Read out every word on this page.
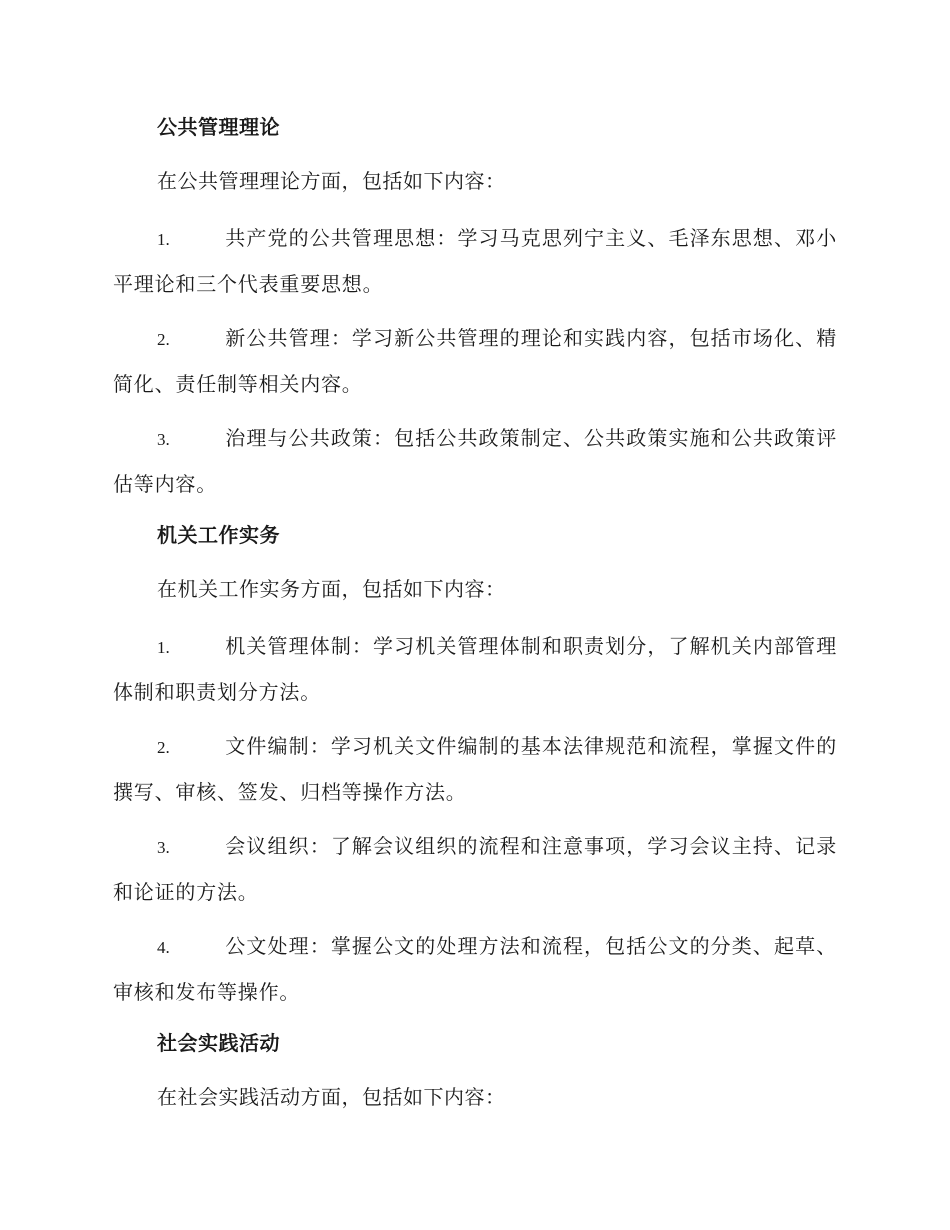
公共管理理论
在公共管理理论方面，包括如下内容：
1.	共产党的公共管理思想：学习马克思列宁主义、毛泽东思想、邓小平理论和三个代表重要思想。
2.	新公共管理：学习新公共管理的理论和实践内容，包括市场化、精简化、责任制等相关内容。
3.	治理与公共政策：包括公共政策制定、公共政策实施和公共政策评估等内容。
机关工作实务
在机关工作实务方面，包括如下内容：
1.	机关管理体制：学习机关管理体制和职责划分，了解机关内部管理体制和职责划分方法。
2.	文件编制：学习机关文件编制的基本法律规范和流程，掌握文件的撰写、审核、签发、归档等操作方法。
3.	会议组织：了解会议组织的流程和注意事项，学习会议主持、记录和论证的方法。
4.	公文处理：掌握公文的处理方法和流程，包括公文的分类、起草、审核和发布等操作。
社会实践活动
在社会实践活动方面，包括如下内容：
